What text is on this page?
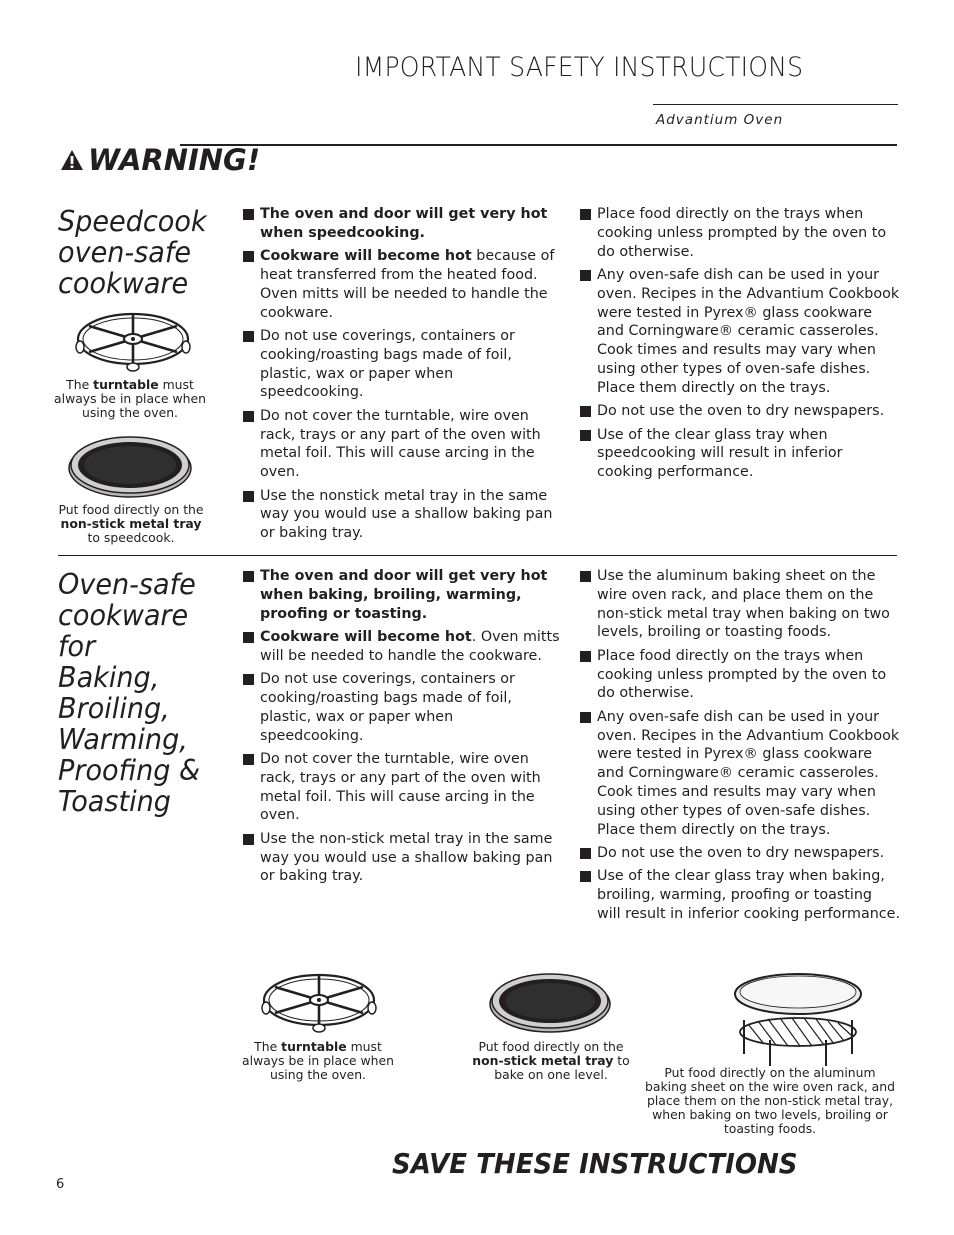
IMPORTANT SAFETY INSTRUCTIONS
Advantium Oven
WARNING!
Speedcook
oven-safe
cookware
The turntable must always be in place when using the oven.
Put food directly on the non-stick metal tray to speedcook.
The oven and door will get very hot when speedcooking.
Cookware will become hot because of heat transferred from the heated food. Oven mitts will be needed to handle the cookware.
Do not use coverings, containers or cooking/roasting bags made of foil, plastic, wax or paper when speedcooking.
Do not cover the turntable, wire oven rack, trays or any part of the oven with metal foil. This will cause arcing in the oven.
Use the nonstick metal tray in the same way you would use a shallow baking pan or baking tray.
Place food directly on the trays when cooking unless prompted by the oven to do otherwise.
Any oven-safe dish can be used in your oven. Recipes in the Advantium Cookbook were tested in Pyrex® glass cookware and Corningware® ceramic casseroles. Cook times and results may vary when using other types of oven-safe dishes. Place them directly on the trays.
Do not use the oven to dry newspapers.
Use of the clear glass tray when speedcooking will result in inferior cooking performance.
Oven-safe
cookware
for
Baking,
Broiling,
Warming,
Proofing &
Toasting
The oven and door will get very hot when baking, broiling, warming, proofing or toasting.
Cookware will become hot. Oven mitts will be needed to handle the cookware.
Do not use coverings, containers or cooking/roasting bags made of foil, plastic, wax or paper when speedcooking.
Do not cover the turntable, wire oven rack, trays or any part of the oven with metal foil. This will cause arcing in the oven.
Use the non-stick metal tray in the same way you would use a shallow baking pan or baking tray.
Use the aluminum baking sheet on the wire oven rack, and place them on the non-stick metal tray when baking on two levels, broiling or toasting foods.
Place food directly on the trays when cooking unless prompted by the oven to do otherwise.
Any oven-safe dish can be used in your oven. Recipes in the Advantium Cookbook were tested in Pyrex® glass cookware and Corningware® ceramic casseroles. Cook times and results may vary when using other types of oven-safe dishes. Place them directly on the trays.
Do not use the oven to dry newspapers.
Use of the clear glass tray when baking, broiling, warming, proofing or toasting will result in inferior cooking performance.
The turntable must always be in place when using the oven.
Put food directly on the non-stick metal tray to bake on one level.	Put food directly on the aluminum baking sheet on the wire oven rack, and place them on the non-stick metal tray, when baking on two levels, broiling or toasting foods.
SAVE THESE INSTRUCTIONS
6
